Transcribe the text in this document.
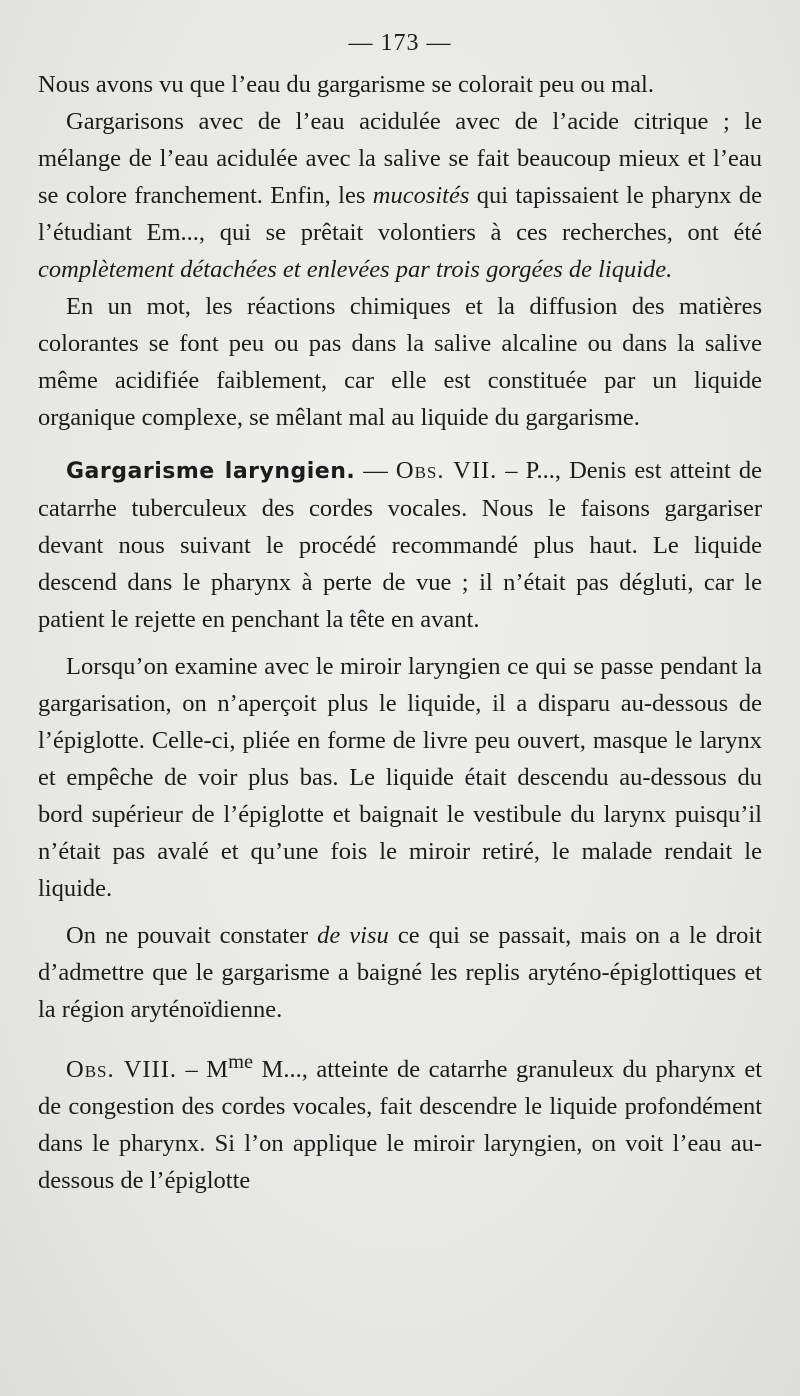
— 173 —

Nous avons vu que l’eau du gargarisme se colorait peu ou mal.

Gargarisons avec de l’eau acidulée avec de l’acide citrique ; le mélange de l’eau acidulée avec la salive se fait beaucoup mieux et l’eau se colore franchement. Enfin, les mucosités qui tapissaient le pharynx de l’étudiant Em..., qui se prêtait volontiers à ces recherches, ont été complètement détachées et enlevées par trois gorgées de liquide.

En un mot, les réactions chimiques et la diffusion des matières colorantes se font peu ou pas dans la salive alcaline ou dans la salive même acidifiée faiblement, car elle est constituée par un liquide organique complexe, se mêlant mal au liquide du gargarisme.

Gargarisme laryngien. — Obs. VII. – P..., Denis est atteint de catarrhe tuberculeux des cordes vocales. Nous le faisons gargariser devant nous suivant le procédé recommandé plus haut. Le liquide descend dans le pharynx à perte de vue ; il n’était pas dégluti, car le patient le rejette en penchant la tête en avant.

Lorsqu’on examine avec le miroir laryngien ce qui se passe pendant la gargarisation, on n’aperçoit plus le liquide, il a disparu au-dessous de l’épiglotte. Celle-ci, pliée en forme de livre peu ouvert, masque le larynx et empêche de voir plus bas. Le liquide était descendu au-dessous du bord supérieur de l’épiglotte et baignait le vestibule du larynx puisqu’il n’était pas avalé et qu’une fois le miroir retiré, le malade rendait le liquide.

On ne pouvait constater de visu ce qui se passait, mais on a le droit d’admettre que le gargarisme a baigné les replis aryténo-épiglottiques et la région aryténoïdienne.

Obs. VIII. – $M^{me}$ M..., atteinte de catarrhe granuleux du pharynx et de congestion des cordes vocales, fait descendre le liquide profondément dans le pharynx. Si l’on applique le miroir laryngien, on voit l’eau au-dessous de l’épiglotte
